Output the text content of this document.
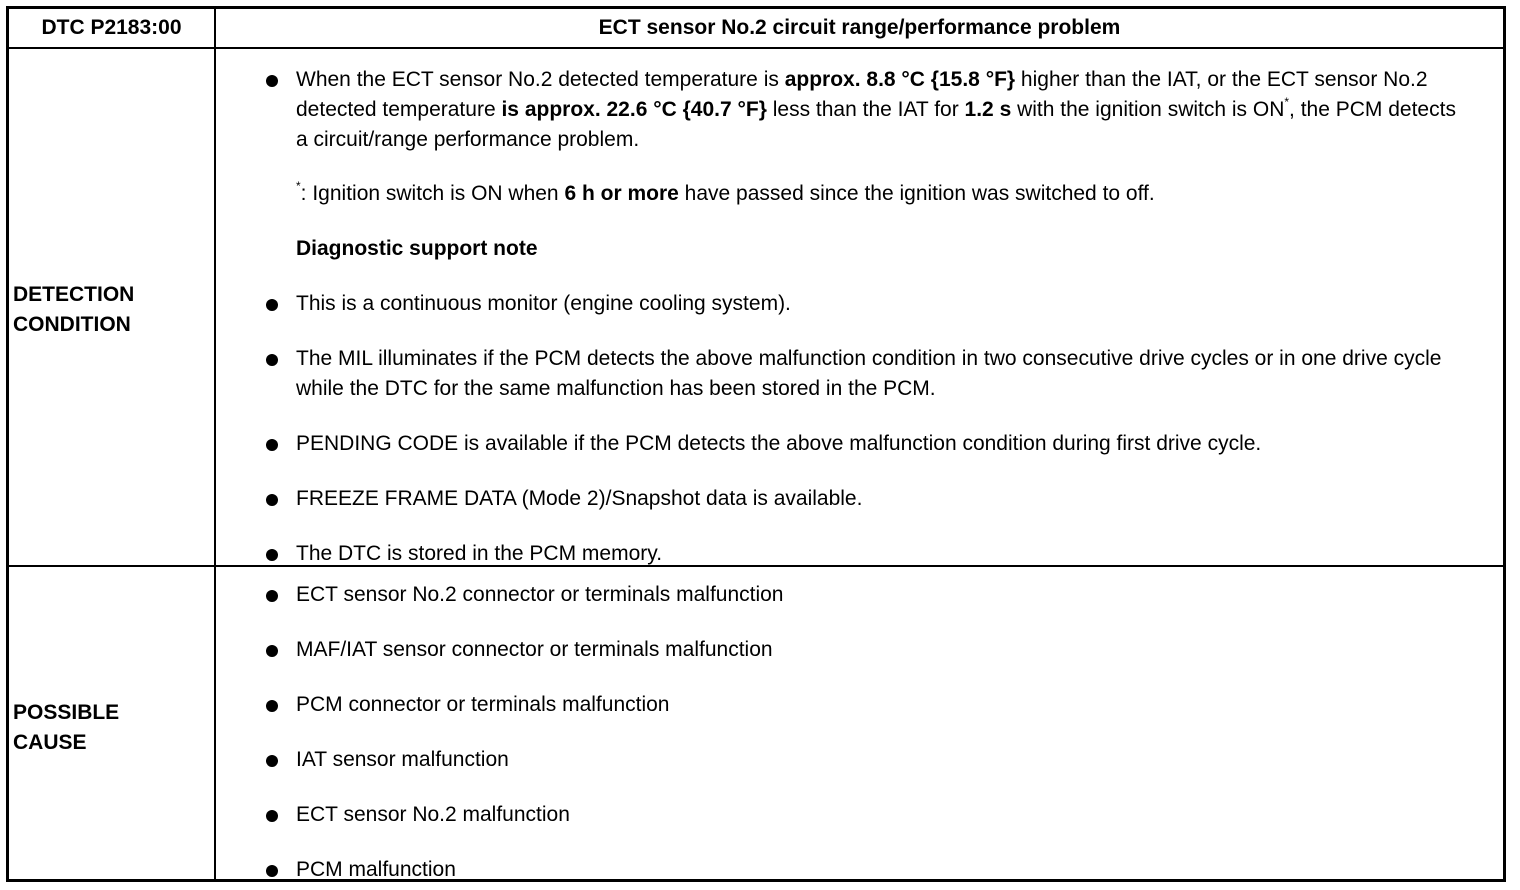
DTC P2183:00	ECT sensor No.2 circuit range/performance problem
DETECTION
CONDITION
When the ECT sensor No.2 detected temperature is approx. 8.8 °C {15.8 °F} higher than the IAT, or the ECT sensor No.2 detected temperature is approx. 22.6 °C {40.7 °F} less than the IAT for 1.2 s with the ignition switch is ON*, the PCM detects a circuit/range performance problem.
*: Ignition switch is ON when 6 h or more have passed since the ignition was switched to off.
Diagnostic support note
This is a continuous monitor (engine cooling system).
The MIL illuminates if the PCM detects the above malfunction condition in two consecutive drive cycles or in one drive cycle while the DTC for the same malfunction has been stored in the PCM.
PENDING CODE is available if the PCM detects the above malfunction condition during first drive cycle.
FREEZE FRAME DATA (Mode 2)/Snapshot data is available.
The DTC is stored in the PCM memory.
POSSIBLE
CAUSE
ECT sensor No.2 connector or terminals malfunction
MAF/IAT sensor connector or terminals malfunction
PCM connector or terminals malfunction
IAT sensor malfunction
ECT sensor No.2 malfunction
PCM malfunction
